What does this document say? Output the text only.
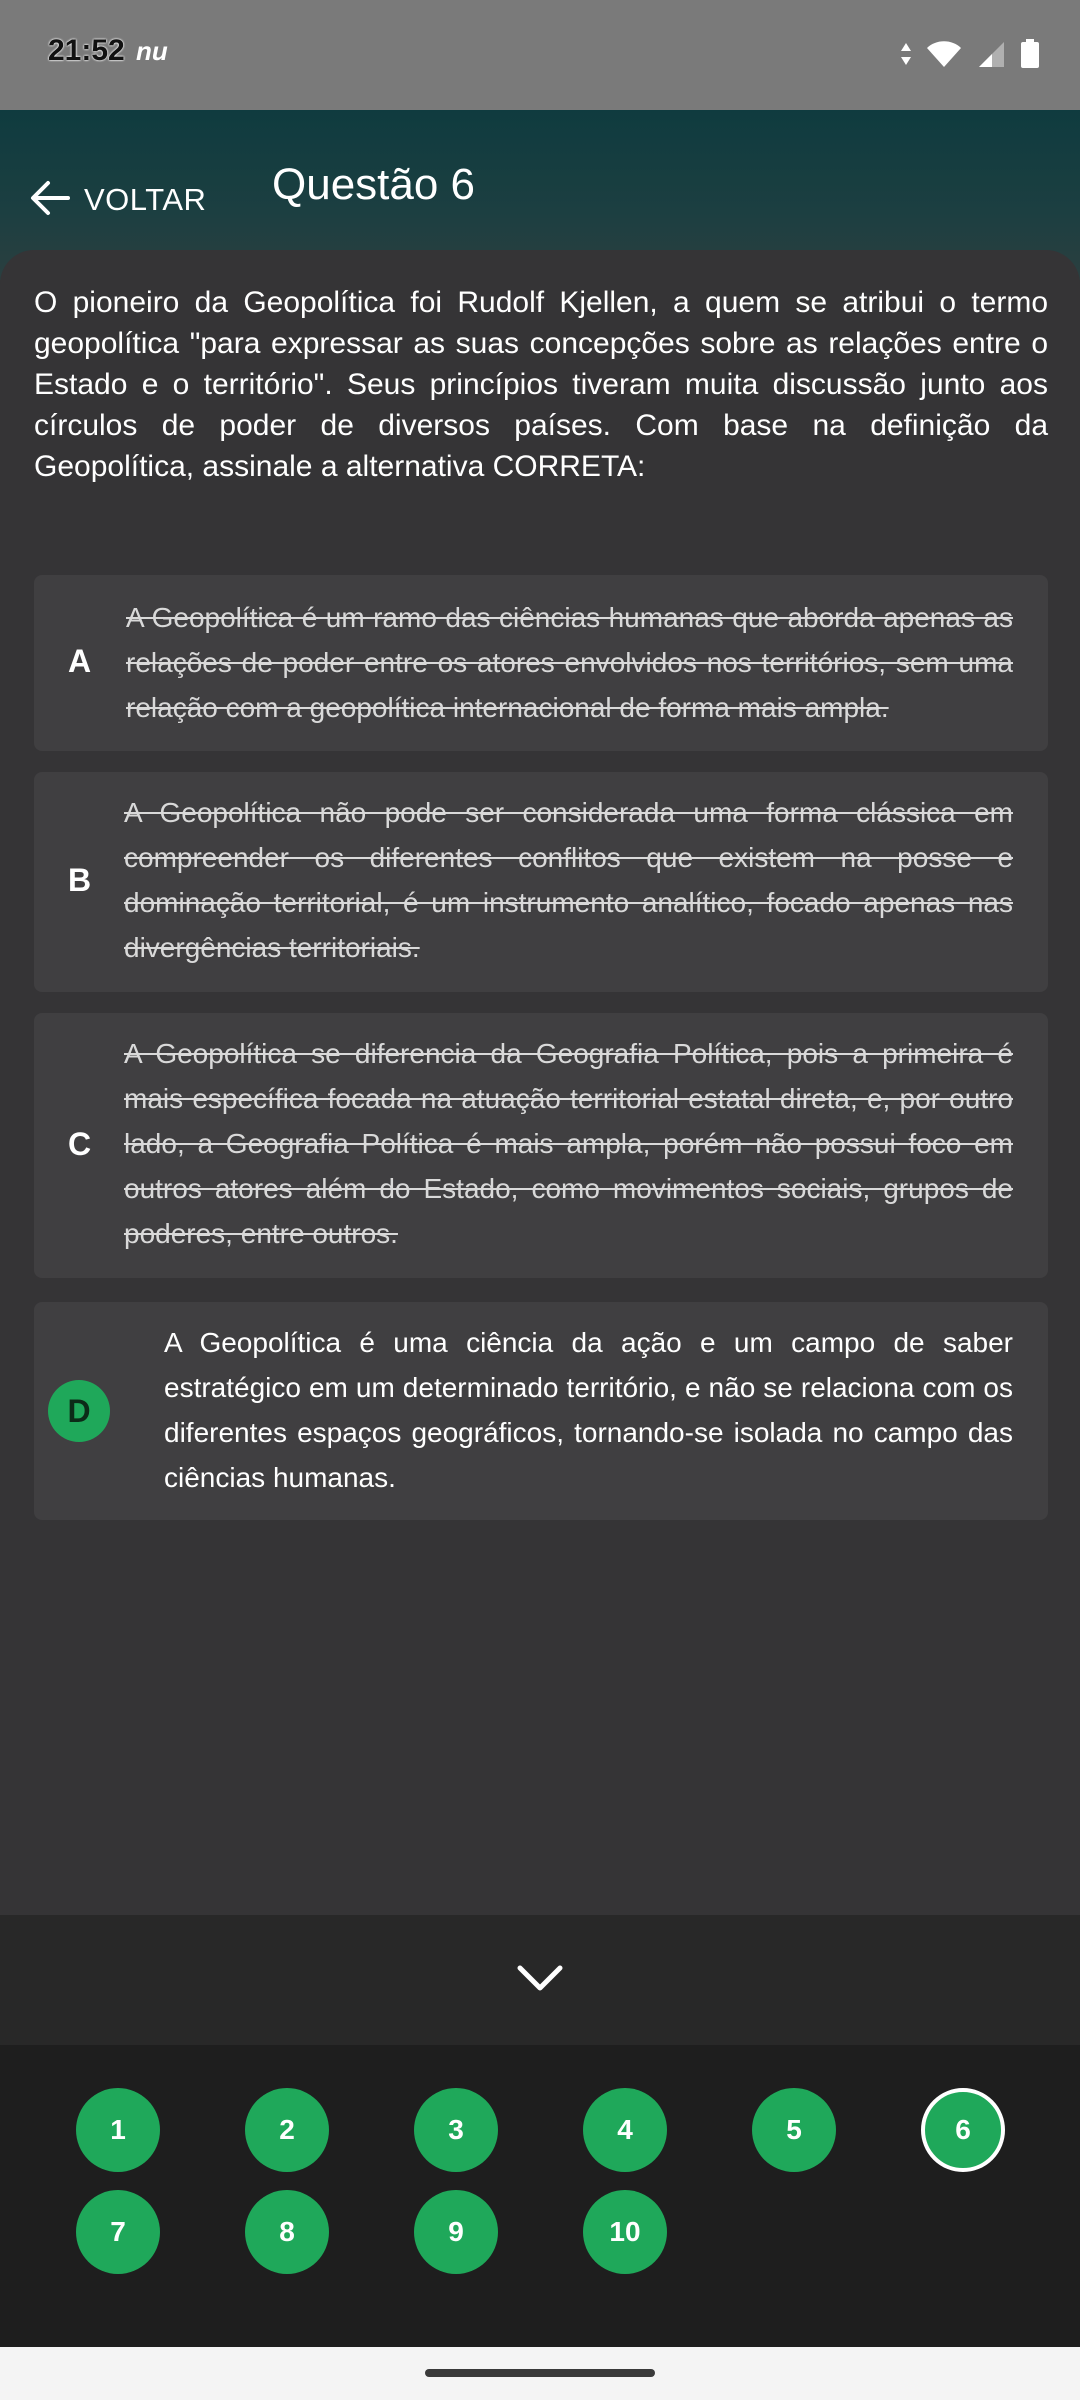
21:52 nu
VOLTAR Questão 6

O pioneiro da Geopolítica foi Rudolf Kjellen, a quem se atribui o termo geopolítica "para expressar as suas concepções sobre as relações entre o Estado e o território". Seus princípios tiveram muita discussão junto aos círculos de poder de diversos países. Com base na definição da Geopolítica, assinale a alternativa CORRETA:

A

A Geopolítica é um ramo das ciências humanas que aborda apenas as relações de poder entre os atores envolvidos nos territórios, sem uma relação com a geopolítica internacional de forma mais ampla.

B

A Geopolítica não pode ser considerada uma forma clássica em compreender os diferentes conflitos que existem na posse e dominação territorial, é um instrumento analítico, focado apenas nas divergências territoriais.

C

A Geopolítica se diferencia da Geografia Política, pois a primeira é mais específica focada na atuação territorial estatal direta, e, por outro lado, a Geografia Política é mais ampla, porém não possui foco em outros atores além do Estado, como movimentos sociais, grupos de poderes, entre outros.

D

A Geopolítica é uma ciência da ação e um campo de saber estratégico em um determinado território, e não se relaciona com os diferentes espaços geográficos, tornando-se isolada no campo das ciências humanas.

1	2	3	4	5	6
7	8	9	10
